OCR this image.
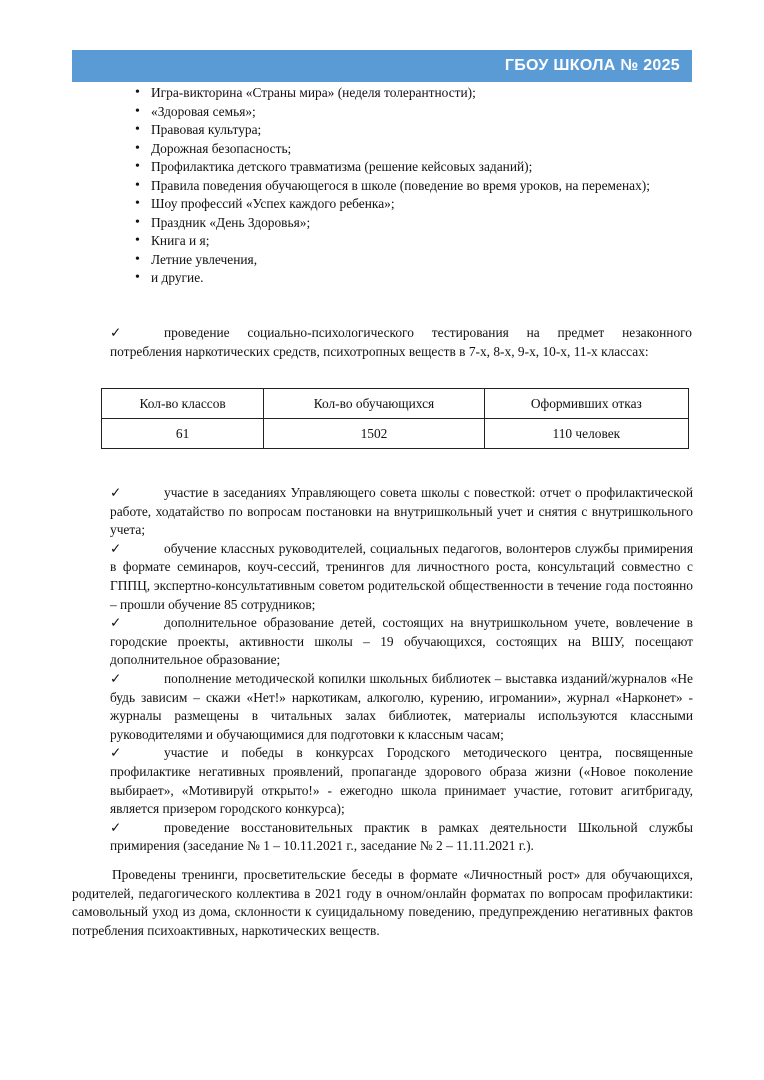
ГБОУ ШКОЛА № 2025
• Игра-викторина «Страны мира» (неделя толерантности);
• «Здоровая семья»;
• Правовая культура;
• Дорожная безопасность;
• Профилактика детского травматизма (решение кейсовых заданий);
• Правила поведения обучающегося в школе (поведение во время уроков, на переменах);
• Шоу профессий «Успех каждого ребенка»;
• Праздник «День Здоровья»;
• Книга и я;
• Летние увлечения,
• и другие.
✓	проведение социально-психологического тестирования на предмет незаконного потребления наркотических средств, психотропных веществ в 7-х, 8-х, 9-х, 10-х, 11-х классах:
Кол-во классов	Кол-во обучающихся	Оформивших отказ
61	1502	110 человек
✓	участие в заседаниях Управляющего совета школы с повесткой: отчет о профилактической работе, ходатайство по вопросам постановки на внутришкольный учет и снятия с внутришкольного учета;
✓	обучение классных руководителей, социальных педагогов, волонтеров службы примирения в формате семинаров, коуч-сессий, тренингов для личностного роста, консультаций совместно с ГППЦ, экспертно-консультативным советом родительской общественности в течение года постоянно – прошли обучение 85 сотрудников;
✓	дополнительное образование детей, состоящих на внутришкольном учете, вовлечение в городские проекты, активности школы – 19 обучающихся, состоящих на ВШУ, посещают дополнительное образование;
✓	пополнение методической копилки школьных библиотек – выставка изданий/журналов «Не будь зависим – скажи «Нет!» наркотикам, алкоголю, курению, игромании», журнал «Нарконет» - журналы размещены в читальных залах библиотек, материалы используются классными руководителями и обучающимися для подготовки к классным часам;
✓	участие и победы в конкурсах Городского методического центра, посвященные профилактике негативных проявлений, пропаганде здорового образа жизни («Новое поколение выбирает», «Мотивируй открыто!» - ежегодно школа принимает участие, готовит агитбригаду, является призером городского конкурса);
✓	проведение восстановительных практик в рамках деятельности Школьной службы примирения (заседание № 1 – 10.11.2021 г., заседание № 2 – 11.11.2021 г.).
Проведены тренинги, просветительские беседы в формате «Личностный рост» для обучающихся, родителей, педагогического коллектива в 2021 году в очном/онлайн форматах по вопросам профилактики: самовольный уход из дома, склонности к суицидальному поведению, предупреждению негативных фактов потребления психоактивных, наркотических веществ.
